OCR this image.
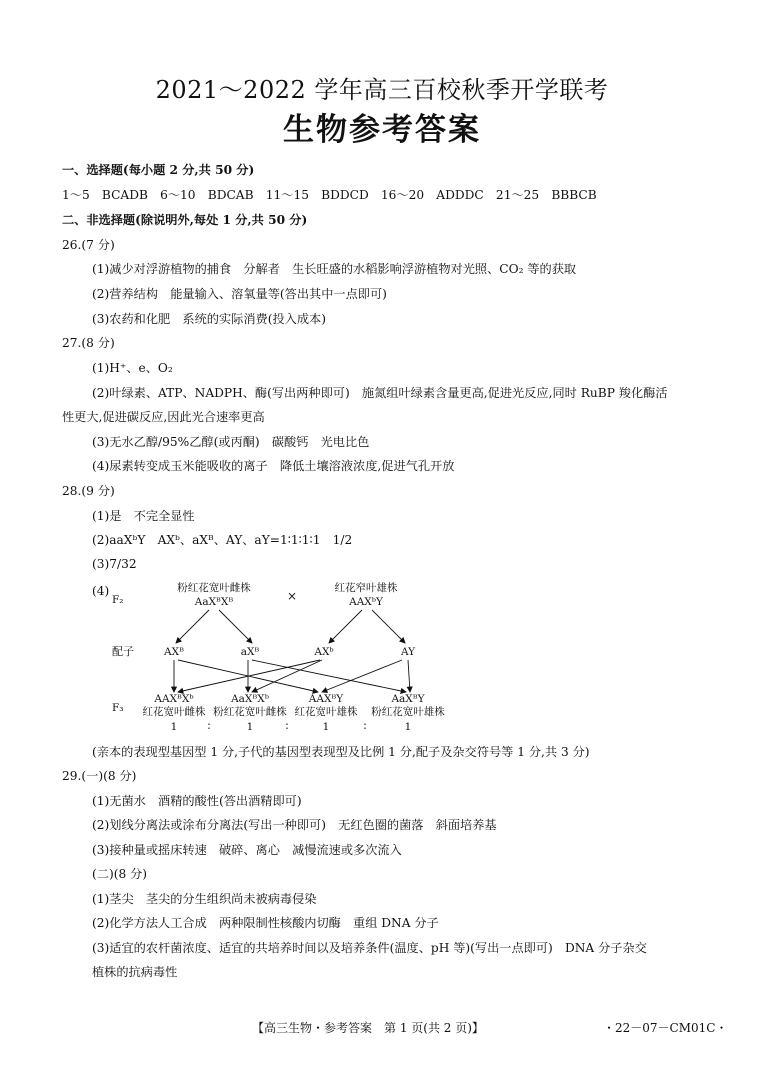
2021～2022 学年高三百校秋季开学联考
生物参考答案
一、选择题(每小题 2 分,共 50 分)
1～5　BCADB　6～10　BDCAB　11～15　BDDCD　16～20　ADDDC　21～25　BBBCB
二、非选择题(除说明外,每处 1 分,共 50 分)
26.(7 分)
(1)减少对浮游植物的捕食　分解者　生长旺盛的水稻影响浮游植物对光照、CO₂ 等的获取
(2)营养结构　能量输入、溶氧量等(答出其中一点即可)
(3)农药和化肥　系统的实际消费(投入成本)
27.(8 分)
(1)H⁺、e、O₂
(2)叶绿素、ATP、NADPH、酶(写出两种即可)　施氮组叶绿素含量更高,促进光反应,同时 RuBP 羧化酶活
性更大,促进碳反应,因此光合速率更高
(3)无水乙醇/95%乙醇(或丙酮)　碳酸钙　光电比色
(4)尿素转变成玉米能吸收的离子　降低土壤溶液浓度,促进气孔开放
28.(9 分)
(1)是　不完全显性
(2)aaXᵇY　AXᵇ、aXᴮ、AY、aY=1∶1∶1∶1　1/2
(3)7/32
(4)
F₂
粉红花宽叶雌株
AaXᴮXᴮ	×
红花窄叶雄株
AAXᵇY
配子	AXᴮ	aXᴮ	AXᵇ	AY
F₃
AAXᴮXᵇ
红花宽叶雌株
1
AaXᴮXᵇ
粉红花宽叶雌株
1
AAXᴮY
红花宽叶雄株
1
AaXᴮY
粉红花宽叶雄株
1
∶	∶	∶
(亲本的表现型基因型 1 分,子代的基因型表现型及比例 1 分,配子及杂交符号等 1 分,共 3 分)
29.(一)(8 分)
(1)无菌水　酒精的酸性(答出酒精即可)
(2)划线分离法或涂布分离法(写出一种即可)　无红色圈的菌落　斜面培养基
(3)接种量或摇床转速　破碎、离心　减慢流速或多次流入
(二)(8 分)
(1)茎尖　茎尖的分生组织尚未被病毒侵染
(2)化学方法人工合成　两种限制性核酸内切酶　重组 DNA 分子
(3)适宜的农杆菌浓度、适宜的共培养时间以及培养条件(温度、pH 等)(写出一点即可)　DNA 分子杂交
植株的抗病毒性
【高三生物・参考答案　第 1 页(共 2 页)】	・22－07－CM01C・
